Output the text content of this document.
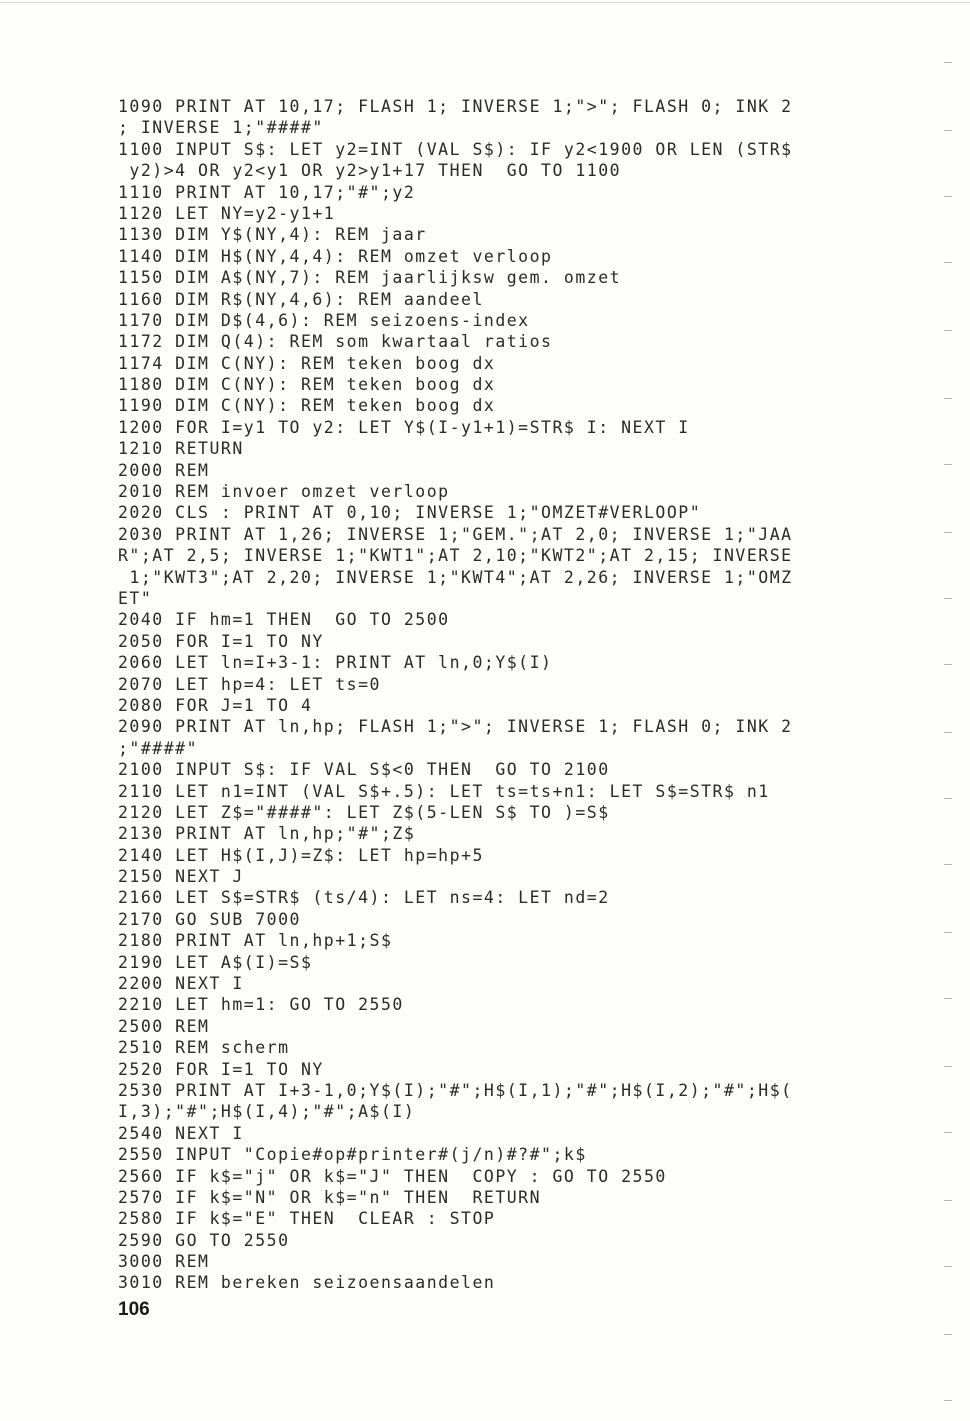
1090 PRINT AT 10,17; FLASH 1; INVERSE 1;">"; FLASH 0; INK 2
; INVERSE 1;"####"
1100 INPUT S$: LET y2=INT (VAL S$): IF y2<1900 OR LEN (STR$
y2)>4 OR y2<y1 OR y2>y1+17 THEN  GO TO 1100
1110 PRINT AT 10,17;"#";y2
1120 LET NY=y2-y1+1
1130 DIM Y$(NY,4): REM jaar
1140 DIM H$(NY,4,4): REM omzet verloop
1150 DIM A$(NY,7): REM jaarlijksw gem. omzet
1160 DIM R$(NY,4,6): REM aandeel
1170 DIM D$(4,6): REM seizoens-index
1172 DIM Q(4): REM som kwartaal ratios
1174 DIM C(NY): REM teken boog dx
1180 DIM C(NY): REM teken boog dx
1190 DIM C(NY): REM teken boog dx
1200 FOR I=y1 TO y2: LET Y$(I-y1+1)=STR$ I: NEXT I
1210 RETURN
2000 REM
2010 REM invoer omzet verloop
2020 CLS : PRINT AT 0,10; INVERSE 1;"OMZET#VERLOOP"
2030 PRINT AT 1,26; INVERSE 1;"GEM.";AT 2,0; INVERSE 1;"JAA
R";AT 2,5; INVERSE 1;"KWT1";AT 2,10;"KWT2";AT 2,15; INVERSE
1;"KWT3";AT 2,20; INVERSE 1;"KWT4";AT 2,26; INVERSE 1;"OMZ
ET"
2040 IF hm=1 THEN  GO TO 2500
2050 FOR I=1 TO NY
2060 LET ln=I+3-1: PRINT AT ln,0;Y$(I)
2070 LET hp=4: LET ts=0
2080 FOR J=1 TO 4
2090 PRINT AT ln,hp; FLASH 1;">"; INVERSE 1; FLASH 0; INK 2
;"####"
2100 INPUT S$: IF VAL S$<0 THEN  GO TO 2100
2110 LET n1=INT (VAL S$+.5): LET ts=ts+n1: LET S$=STR$ n1
2120 LET Z$="####": LET Z$(5-LEN S$ TO )=S$
2130 PRINT AT ln,hp;"#";Z$
2140 LET H$(I,J)=Z$: LET hp=hp+5
2150 NEXT J
2160 LET S$=STR$ (ts/4): LET ns=4: LET nd=2
2170 GO SUB 7000
2180 PRINT AT ln,hp+1;S$
2190 LET A$(I)=S$
2200 NEXT I
2210 LET hm=1: GO TO 2550
2500 REM
2510 REM scherm
2520 FOR I=1 TO NY
2530 PRINT AT I+3-1,0;Y$(I);"#";H$(I,1);"#";H$(I,2);"#";H$(
I,3);"#";H$(I,4);"#";A$(I)
2540 NEXT I
2550 INPUT "Copie#op#printer#(j/n)#?#";k$
2560 IF k$="j" OR k$="J" THEN  COPY : GO TO 2550
2570 IF k$="N" OR k$="n" THEN  RETURN
2580 IF k$="E" THEN  CLEAR : STOP
2590 GO TO 2550
3000 REM
3010 REM bereken seizoensaandelen
106
